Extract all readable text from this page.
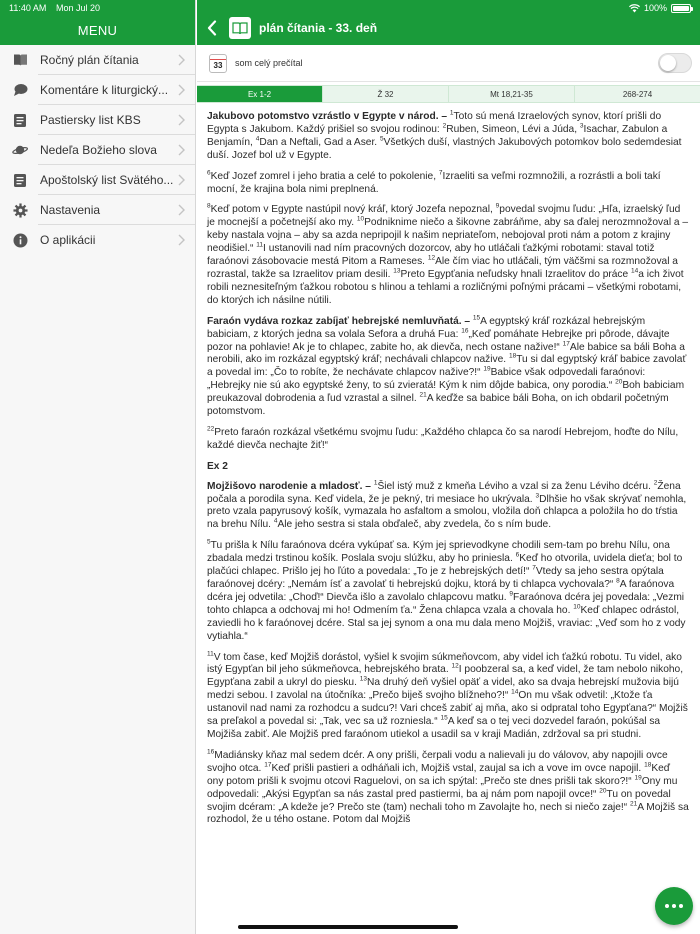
11:40 AM Mon Jul 20	100%
MENU
Ročný plán čítania
Komentáre k liturgický...
Pastiersky list KBS
Nedeľa Božieho slova
Apoštolský list Svätého...
Nastavenia
O aplikácii
plán čítania - 33. deň
33 som celý prečítal
Ex 1-2	Ž 32	Mt 18,21-35	268-274

Jakubovo potomstvo vzrástlo v Egypte v národ. – $^1$Toto sú mená Izraelových synov, ktorí prišli do Egypta s Jakubom. Každý prišiel so svojou rodinou: $^2$Ruben, Simeon, Lévi a Júda, $^3$Isachar, Zabulon a Benjamín, $^4$Dan a Neftali, Gad a Aser. $^5$Všetkých duší, vlastných Jakubových potomkov bolo sedemdesiat duší. Jozef bol už v Egypte.

$^6$Keď Jozef zomrel i jeho bratia a celé to pokolenie, $^7$Izraeliti sa veľmi rozmnožili, a rozrástli a boli takí mocní, že krajina bola nimi preplnená.

$^8$Keď potom v Egypte nastúpil nový kráľ, ktorý Jozefa nepoznal, $^9$povedal svojmu ľudu: „Hľa, izraelský ľud je mocnejší a početnejší ako my. $^{10}$Podniknime niečo a šikovne zabráňme, aby sa ďalej nerozmnožoval a – keby nastala vojna – aby sa azda nepripojil k našim nepriateľom, nebojoval proti nám a potom z krajiny neodišiel.“ $^{11}$I ustanovili nad ním pracovných dozorcov, aby ho utláčali ťažkými robotami: staval totiž faraónovi zásobovacie mestá Pitom a Rameses. $^{12}$Ale čím viac ho utláčali, tým väčšmi sa rozmnožoval a rozrastal, takže sa Izraelitov priam desili. $^{13}$Preto Egypťania neľudsky hnali Izraelitov do práce $^{14}$a ich život robili neznesiteľným ťažkou robotou s hlinou a tehlami a rozličnými poľnými prácami – všetkými robotami, do ktorých ich násilne nútili.

Faraón vydáva rozkaz zabíjať hebrejské nemluvňatá. – $^{15}$A egyptský kráľ rozkázal hebrejským babiciam, z ktorých jedna sa volala Sefora a druhá Fua: $^{16}$„Keď pomáhate Hebrejke pri pôrode, dávajte pozor na pohlavie! Ak je to chlapec, zabite ho, ak dievča, nech ostane nažive!“ $^{17}$Ale babice sa báli Boha a nerobili, ako im rozkázal egyptský kráľ; nechávali chlapcov nažive. $^{18}$Tu si dal egyptský kráľ babice zavolať a povedal im: „Čo to robíte, že nechávate chlapcov nažive?!“ $^{19}$Babice však odpovedali faraónovi: „Hebrejky nie sú ako egyptské ženy, to sú zvieratá! Kým k nim dôjde babica, ony porodia.“ $^{20}$Boh babiciam preukazoval dobrodenia a ľud vzrastal a silnel. $^{21}$A keďže sa babice báli Boha, on ich obdaril početným potomstvom.

$^{22}$Preto faraón rozkázal všetkému svojmu ľudu: „Každého chlapca čo sa narodí Hebrejom, hoďte do Nílu, každé dievča nechajte žiť!“

Ex 2

Mojžišovo narodenie a mladosť. – $^1$Šiel istý muž z kmeňa Léviho a vzal si za ženu Léviho dcéru. $^2$Žena počala a porodila syna. Keď videla, že je pekný, tri mesiace ho ukrývala. $^3$Dlhšie ho však skrývať nemohla, preto vzala papyrusový košík, vymazala ho asfaltom a smolou, vložila doň chlapca a položila ho do tŕstia na brehu Nílu. $^4$Ale jeho sestra si stala obďaleč, aby zvedela, čo s ním bude.

$^5$Tu prišla k Nílu faraónova dcéra vykúpať sa. Kým jej sprievodkyne chodili sem-tam po brehu Nílu, ona zbadala medzi trstinou košík. Poslala svoju slúžku, aby ho priniesla. $^6$Keď ho otvorila, uvidela dieťa; bol to plačúci chlapec. Prišlo jej ho ľúto a povedala: „To je z hebrejských detí!“ $^7$Vtedy sa jeho sestra opýtala faraónovej dcéry: „Nemám ísť a zavolať ti hebrejskú dojku, ktorá by ti chlapca vychovala?“ $^8$A faraónova dcéra jej odvetila: „Choď!“ Dievča išlo a zavolalo chlapcovu matku. $^9$Faraónova dcéra jej povedala: „Vezmi tohto chlapca a odchovaj mi ho! Odmením ťa.“ Žena chlapca vzala a chovala ho. $^{10}$Keď chlapec odrástol, zaviedli ho k faraónovej dcére. Stal sa jej synom a ona mu dala meno Mojžiš, vraviac: „Veď som ho z vody vytiahla.“

$^{11}$V tom čase, keď Mojžiš dorástol, vyšiel k svojim súkmeňovcom, aby videl ich ťažkú robotu. Tu videl, ako istý Egypťan bil jeho súkmeňovca, hebrejského brata. $^{12}$I poobzeral sa, a keď videl, že tam nebolo nikoho, Egypťana zabil a ukryl do piesku. $^{13}$Na druhý deň vyšiel opäť a videl, ako sa dvaja hebrejskí mužovia bijú medzi sebou. I zavolal na útočníka: „Prečo biješ svojho blížneho?!“ $^{14}$On mu však odvetil: „Ktože ťa ustanovil nad nami za rozhodcu a sudcu?! Vari chceš zabiť aj mňa, ako si odpratal toho Egypťana?“ Mojžiš sa preľakol a povedal si: „Tak, vec sa už rozniesla.“ $^{15}$A keď sa o tej veci dozvedel faraón, pokúšal sa Mojžiša zabiť. Ale Mojžiš pred faraónom utiekol a usadil sa v kraji Madián, zdržoval sa pri studni.

$^{16}$Madiánsky kňaz mal sedem dcér. A ony prišli, čerpali vodu a nalievali ju do válovov, aby napojili ovce svojho otca. $^{17}$Keď prišli pastieri a odháňali ich, Mojžiš vstal, zaujal sa ich a vove im ovce napojil. $^{18}$Keď ony potom prišli k svojmu otcovi Raguelovi, on sa ich spýtal: „Prečo ste dnes prišli tak skoro?!“ $^{19}$Ony mu odpovedali: „Akýsi Egypťan sa nás zastal pred pastiermi, ba aj nám pom napojil ovce!“ $^{20}$Tu on povedal svojim dcéram: „A kdeže je? Prečo ste (tam) nechali toho m Zavolajte ho, nech si niečo zaje!“ $^{21}$A Mojžiš sa rozhodol, že u tého ostane. Potom dal Mojžiš
